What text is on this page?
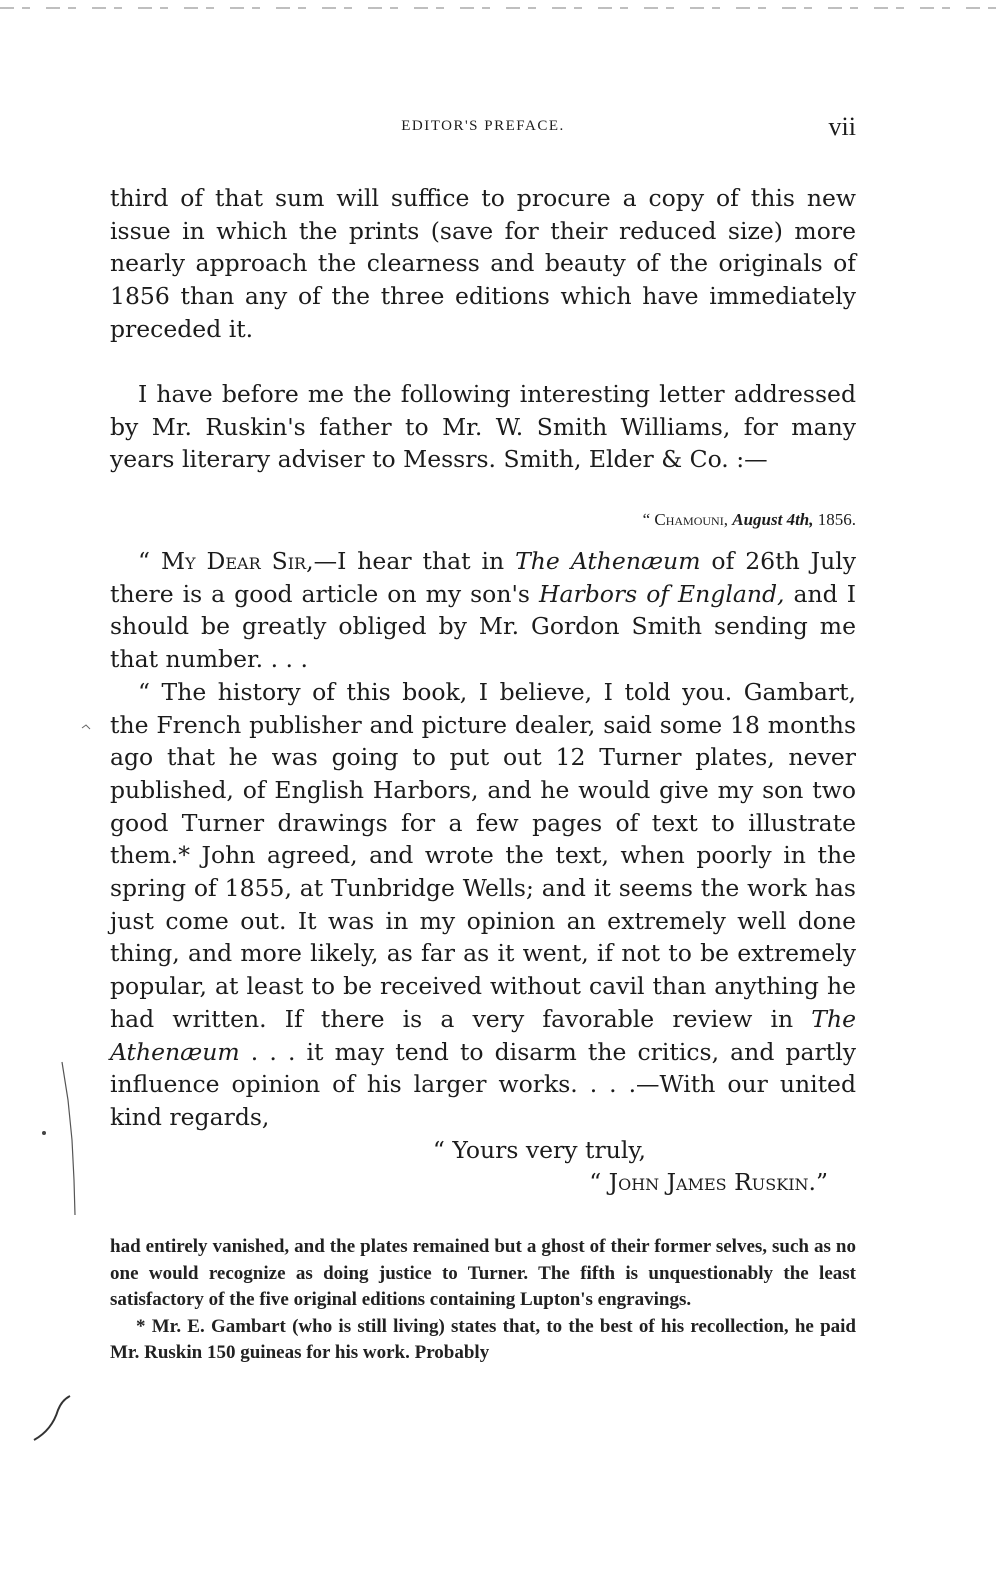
EDITOR'S PREFACE.	vii

third of that sum will suffice to procure a copy of this new issue in which the prints (save for their reduced size) more nearly approach the clearness and beauty of the originals of 1856 than any of the three editions which have immediately preceded it.

I have before me the following interesting letter addressed by Mr. Ruskin's father to Mr. W. Smith Williams, for many years literary adviser to Messrs. Smith, Elder & Co. :—

“ Chamouni, August 4th, 1856.

“ My Dear Sir,—I hear that in The Athenæum of 26th July there is a good article on my son's Harbors of England, and I should be greatly obliged by Mr. Gordon Smith sending me that number. . . .

“ The history of this book, I believe, I told you. Gambart, the French publisher and picture dealer, said some 18 months ago that he was going to put out 12 Turner plates, never published, of English Harbors, and he would give my son two good Turner drawings for a few pages of text to illustrate them.* John agreed, and wrote the text, when poorly in the spring of 1855, at Tunbridge Wells; and it seems the work has just come out. It was in my opinion an extremely well done thing, and more likely, as far as it went, if not to be extremely popular, at least to be received without cavil than anything he had written. If there is a very favorable review in The Athenæum . . . it may tend to disarm the critics, and partly influence opinion of his larger works. . . .—With our united kind regards,

“ Yours very truly,

“ John James Ruskin.”

had entirely vanished, and the plates remained but a ghost of their former selves, such as no one would recognize as doing justice to Turner. The fifth is unquestionably the least satisfactory of the five original editions containing Lupton's engravings.

* Mr. E. Gambart (who is still living) states that, to the best of his recollection, he paid Mr. Ruskin 150 guineas for his work. Probably
